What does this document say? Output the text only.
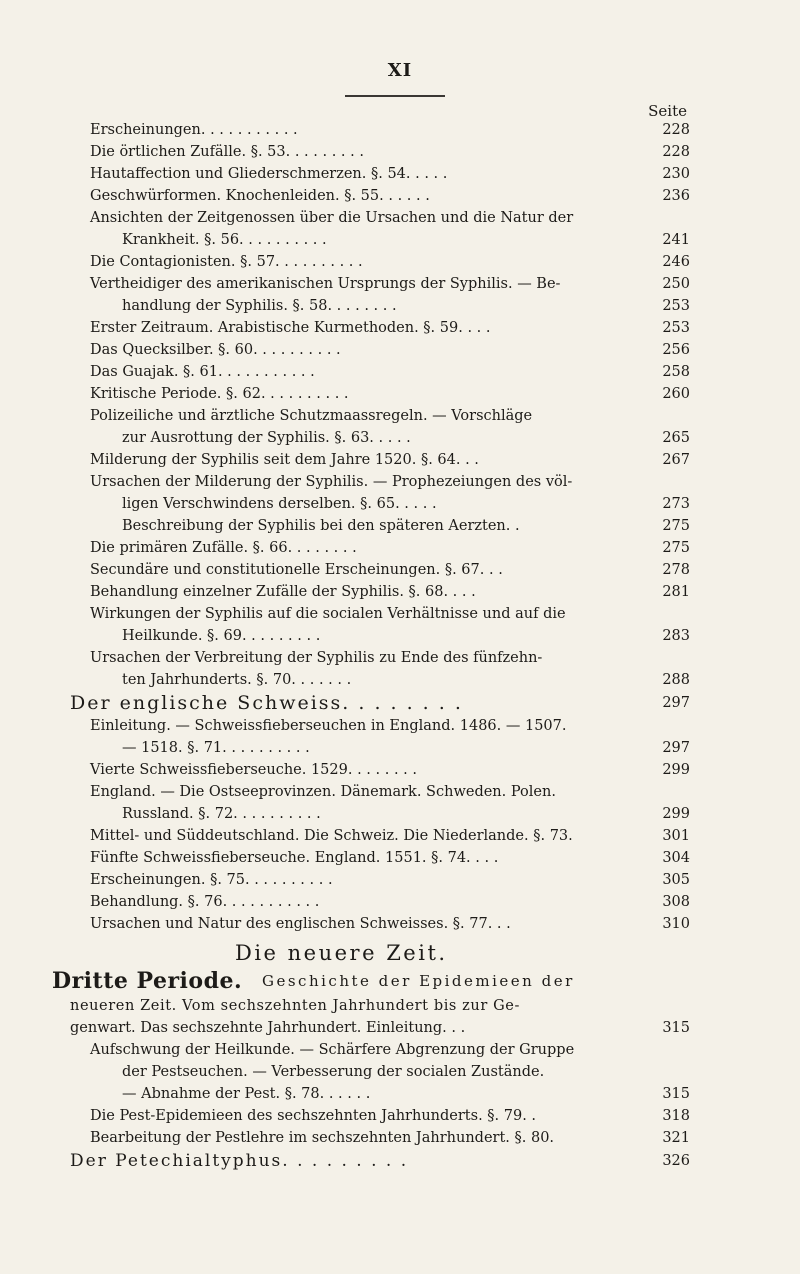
XI
Seite
Erscheinungen. . . . . . . . . . .	228
Die örtlichen Zufälle. §. 53. . . . . . . . .	228
Hautaffection und Gliederschmerzen. §. 54. . . . .	230
Geschwürformen. Knochenleiden. §. 55. . . . . .	236
Ansichten der Zeitgenossen über die Ursachen und die Natur der
Krankheit. §. 56. . . . . . . . . .	241
Die Contagionisten. §. 57. . . . . . . . . .	246
Vertheidiger des amerikanischen Ursprungs der Syphilis. — Be-	250
handlung der Syphilis. §. 58. . . . . . . .	253
Erster Zeitraum. Arabistische Kurmethoden. §. 59. . . .	253
Das Quecksilber. §. 60. . . . . . . . . .	256
Das Guajak. §. 61. . . . . . . . . . .	258
Kritische Periode. §. 62. . . . . . . . . .	260
Polizeiliche und ärztliche Schutzmaassregeln. — Vorschläge
zur Ausrottung der Syphilis. §. 63. . . . .	265
Milderung der Syphilis seit dem Jahre 1520. §. 64. . .	267
Ursachen der Milderung der Syphilis. — Prophezeiungen des völ-
ligen Verschwindens derselben. §. 65. . . . .	273
Beschreibung der Syphilis bei den späteren Aerzten. .	275
Die primären Zufälle. §. 66. . . . . . . .	275
Secundäre und constitutionelle Erscheinungen. §. 67. . .	278
Behandlung einzelner Zufälle der Syphilis. §. 68. . . .	281
Wirkungen der Syphilis auf die socialen Verhältnisse und auf die
Heilkunde. §. 69. . . . . . . . .	283
Ursachen der Verbreitung der Syphilis zu Ende des fünfzehn-
ten Jahrhunderts. §. 70. . . . . . .	288
Der englische Schweiss. . . . . . . .	297
Einleitung. — Schweissfieberseuchen in England. 1486. — 1507.
— 1518. §. 71. . . . . . . . . .	297
Vierte Schweissfieberseuche. 1529. . . . . . . .	299
England. — Die Ostseeprovinzen. Dänemark. Schweden. Polen.
Russland. §. 72. . . . . . . . . .	299
Mittel- und Süddeutschland. Die Schweiz. Die Niederlande. §. 73.	301
Fünfte Schweissfieberseuche. England. 1551. §. 74. . . .	304
Erscheinungen. §. 75. . . . . . . . . .	305
Behandlung. §. 76. . . . . . . . . . .	308
Ursachen und Natur des englischen Schweisses. §. 77. . .	310
Die neuere Zeit.
Dritte Periode. Geschichte der Epidemieen der
neueren Zeit. Vom sechszehnten Jahrhundert bis zur Ge-
genwart. Das sechszehnte Jahrhundert. Einleitung. . .	315
Aufschwung der Heilkunde. — Schärfere Abgrenzung der Gruppe
der Pestseuchen. — Verbesserung der socialen Zustände.
— Abnahme der Pest. §. 78. . . . . .	315
Die Pest-Epidemieen des sechszehnten Jahrhunderts. §. 79. .	318
Bearbeitung der Pestlehre im sechszehnten Jahrhundert. §. 80.	321
Der Petechialtyphus. . . . . . . . .	326
